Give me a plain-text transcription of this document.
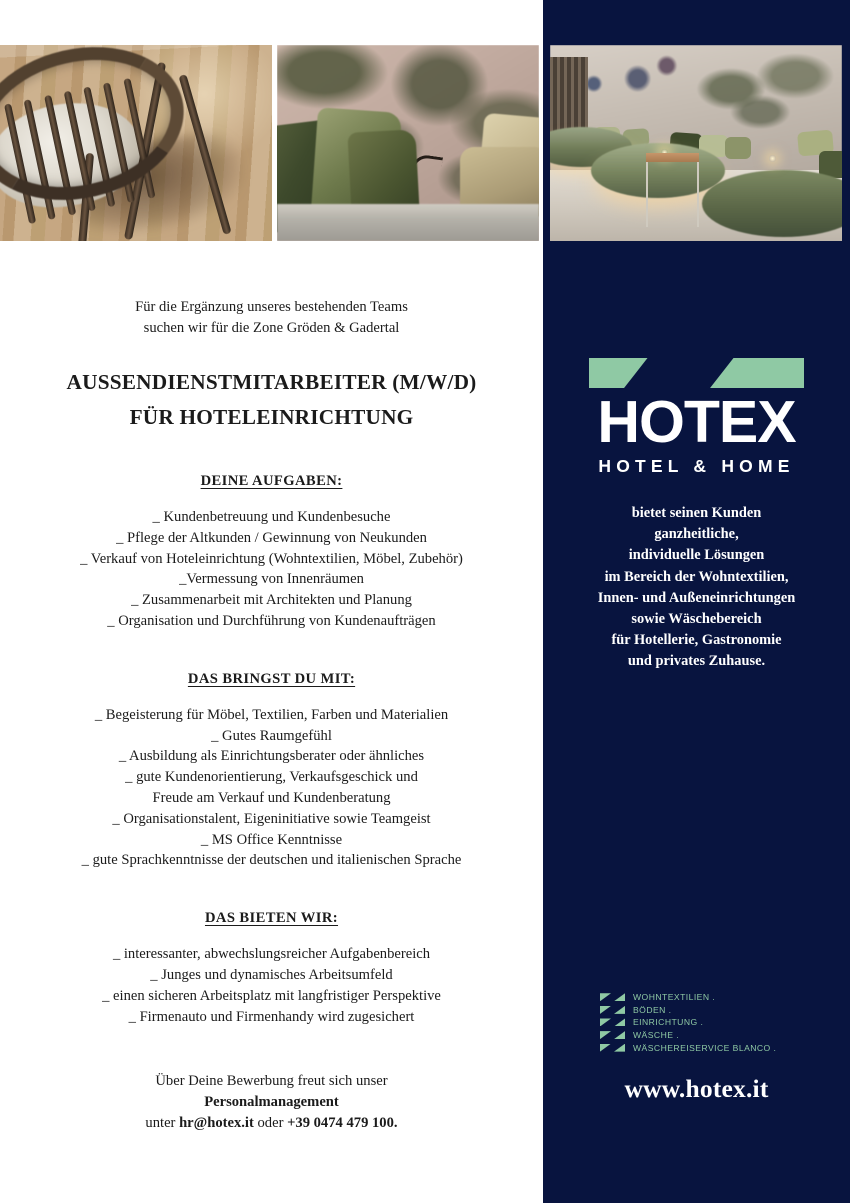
Für die Ergänzung unseres bestehenden Teams
suchen wir für die Zone Gröden & Gadertal
AUSSENDIENSTMITARBEITER (M/W/D)
FÜR HOTELEINRICHTUNG
DEINE AUFGABEN:
_ Kundenbetreuung und Kundenbesuche
_ Pflege der Altkunden / Gewinnung von Neukunden
_ Verkauf von Hoteleinrichtung (Wohntextilien, Möbel, Zubehör)
_Vermessung von Innenräumen
_ Zusammenarbeit mit Architekten und Planung
_ Organisation und Durchführung von Kundenaufträgen
DAS BRINGST DU MIT:
_ Begeisterung für Möbel, Textilien, Farben und Materialien
_ Gutes Raumgefühl
_ Ausbildung als Einrichtungsberater oder ähnliches
_ gute Kundenorientierung, Verkaufsgeschick und
Freude am Verkauf und Kundenberatung
_ Organisationstalent, Eigeninitiative sowie Teamgeist
_ MS Office Kenntnisse
_ gute Sprachkenntnisse der deutschen und italienischen Sprache
DAS BIETEN WIR:
_ interessanter, abwechslungsreicher Aufgabenbereich
_ Junges und dynamisches Arbeitsumfeld
_ einen sicheren Arbeitsplatz mit langfristiger Perspektive
_ Firmenauto und Firmenhandy wird zugesichert
Über Deine Bewerbung freut sich unser
Personalmanagement
unter hr@hotex.it oder +39 0474 479 100.
HOTEX
HOTEL & HOME
bietet seinen Kunden
ganzheitliche,
individuelle Lösungen
im Bereich der Wohntextilien,
Innen- und Außeneinrichtungen
sowie Wäschebereich
für Hotellerie, Gastronomie
und privates Zuhause.
WOHNTEXTILIEN .
BÖDEN .
EINRICHTUNG .
WÄSCHE .
WÄSCHEREISERVICE BLANCO .
www.hotex.it
